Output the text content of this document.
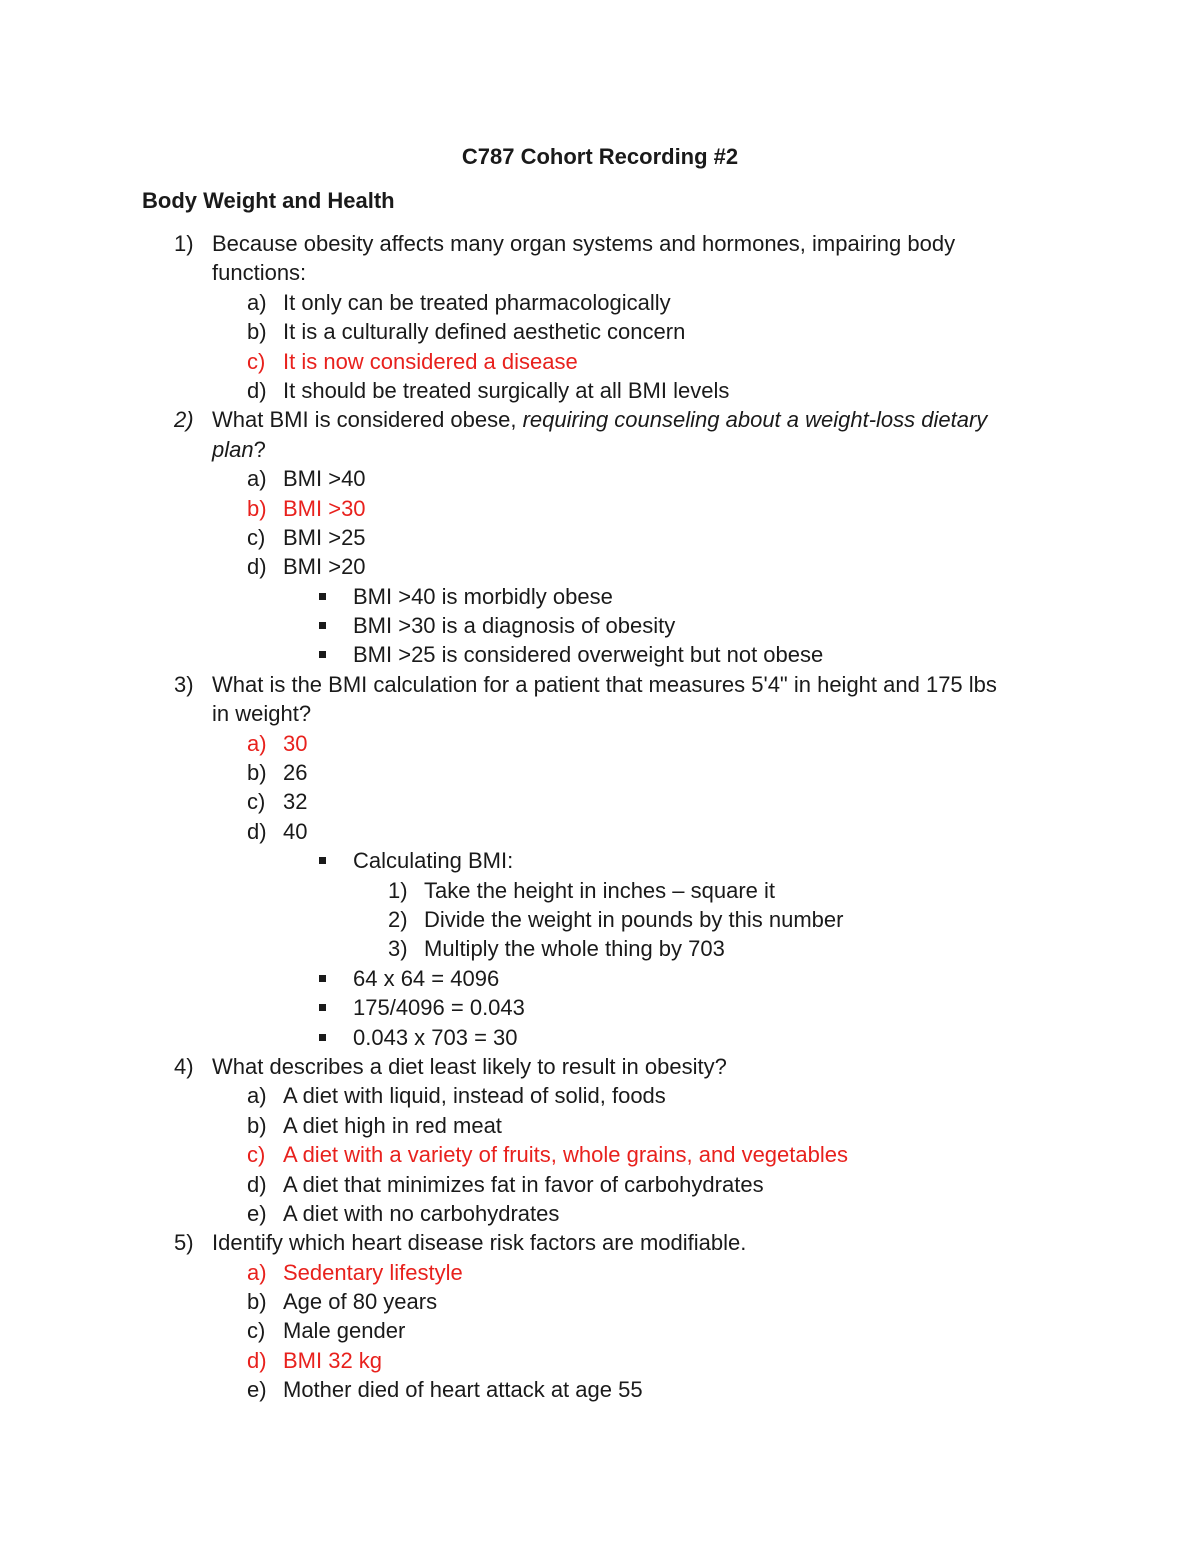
C787 Cohort Recording #2
Body Weight and Health
1) Because obesity affects many organ systems and hormones, impairing body
functions:
a) It only can be treated pharmacologically
b) It is a culturally defined aesthetic concern
c) It is now considered a disease
d) It should be treated surgically at all BMI levels
2) What BMI is considered obese, requiring counseling about a weight-loss dietary
plan?
a) BMI >40
b) BMI >30
c) BMI >25
d) BMI >20
BMI >40 is morbidly obese
BMI >30 is a diagnosis of obesity
BMI >25 is considered overweight but not obese
3) What is the BMI calculation for a patient that measures 5'4" in height and 175 lbs
in weight?
a) 30
b) 26
c) 32
d) 40
Calculating BMI:
1) Take the height in inches – square it
2) Divide the weight in pounds by this number
3) Multiply the whole thing by 703
64 x 64 = 4096
175/4096 = 0.043
0.043 x 703 = 30
4) What describes a diet least likely to result in obesity?
a) A diet with liquid, instead of solid, foods
b) A diet high in red meat
c) A diet with a variety of fruits, whole grains, and vegetables
d) A diet that minimizes fat in favor of carbohydrates
e) A diet with no carbohydrates
5) Identify which heart disease risk factors are modifiable.
a) Sedentary lifestyle
b) Age of 80 years
c) Male gender
d) BMI 32 kg
e) Mother died of heart attack at age 55
